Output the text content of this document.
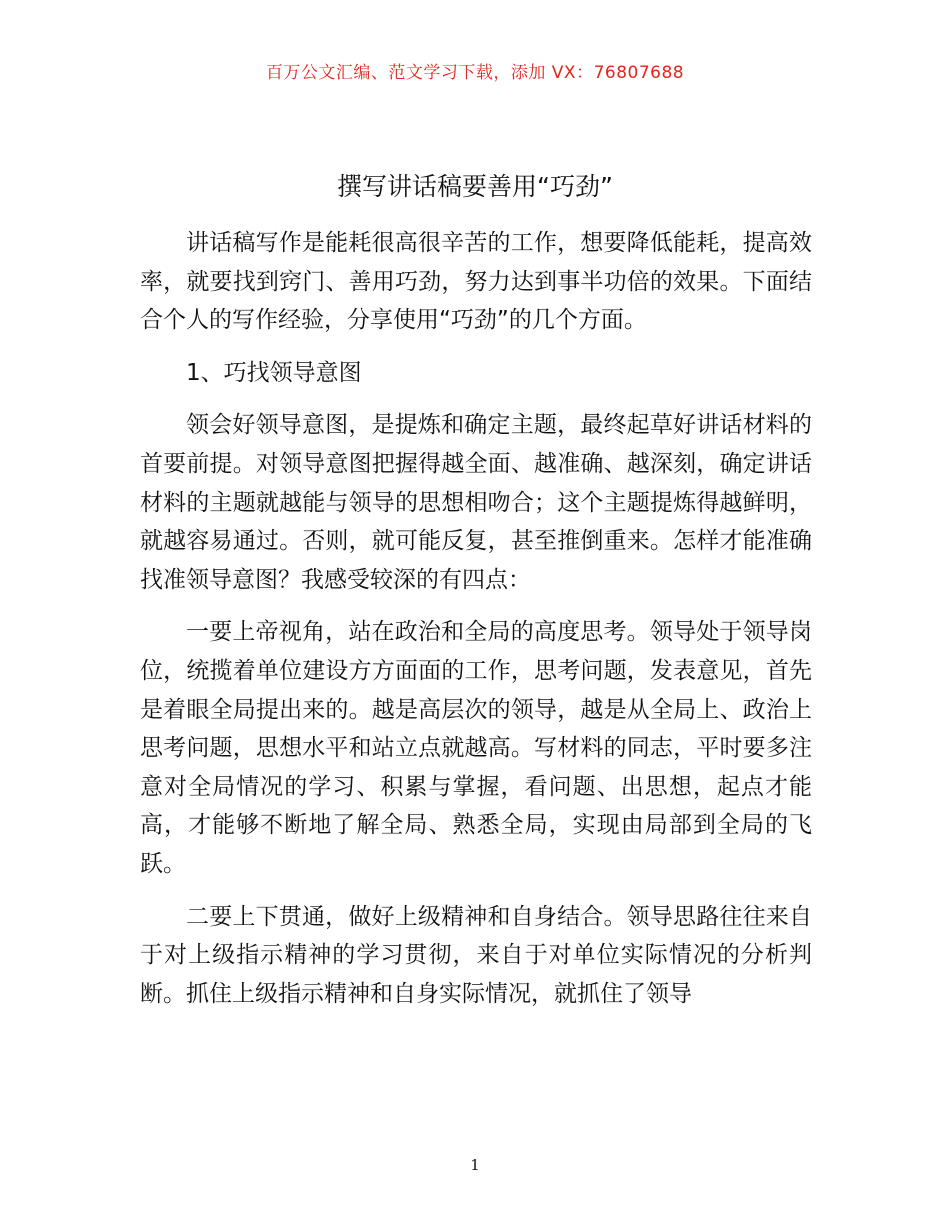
百万公文汇编、范文学习下载，添加 VX：76807688
撰写讲话稿要善用“巧劲”

讲话稿写作是能耗很高很辛苦的工作，想要降低能耗，提高效率，就要找到窍门、善用巧劲，努力达到事半功倍的效果。下面结合个人的写作经验，分享使用“巧劲”的几个方面。

1、巧找领导意图

领会好领导意图，是提炼和确定主题，最终起草好讲话材料的首要前提。对领导意图把握得越全面、越准确、越深刻，确定讲话材料的主题就越能与领导的思想相吻合；这个主题提炼得越鲜明，就越容易通过。否则，就可能反复，甚至推倒重来。怎样才能准确找准领导意图？我感受较深的有四点：

一要上帝视角，站在政治和全局的高度思考。领导处于领导岗位，统揽着单位建设方方面面的工作，思考问题，发表意见，首先是着眼全局提出来的。越是高层次的领导，越是从全局上、政治上思考问题，思想水平和站立点就越高。写材料的同志，平时要多注意对全局情况的学习、积累与掌握，看问题、出思想，起点才能高，才能够不断地了解全局、熟悉全局，实现由局部到全局的飞跃。

二要上下贯通，做好上级精神和自身结合。领导思路往往来自于对上级指示精神的学习贯彻，来自于对单位实际情况的分析判断。抓住上级指示精神和自身实际情况，就抓住了领导

1
